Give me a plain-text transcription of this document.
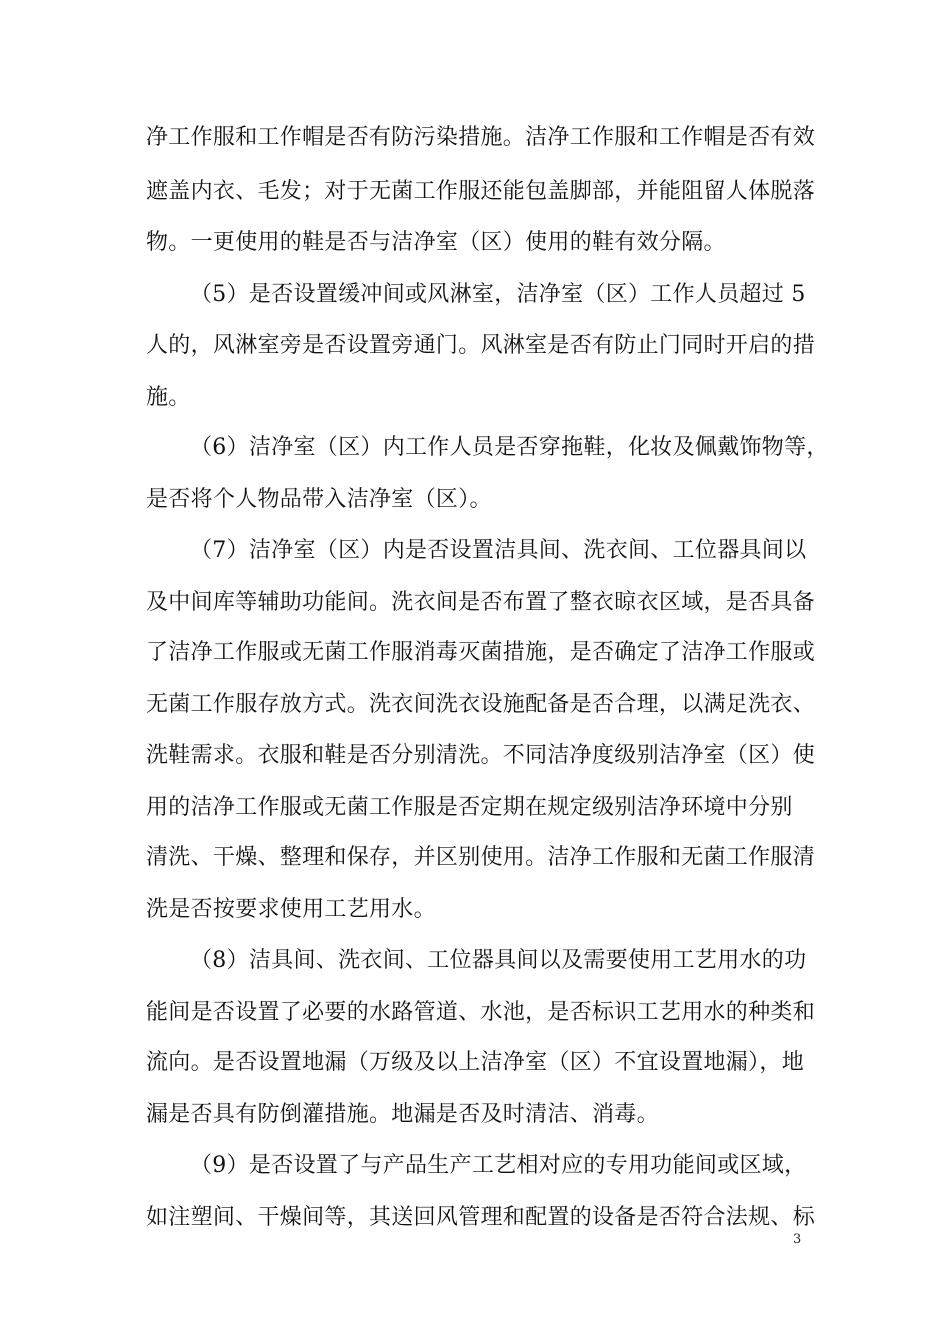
净工作服和工作帽是否有防污染措施。洁净工作服和工作帽是否有效
遮盖内衣、毛发；对于无菌工作服还能包盖脚部，并能阻留人体脱落
物。一更使用的鞋是否与洁净室（区）使用的鞋有效分隔。
（5）是否设置缓冲间或风淋室，洁净室（区）工作人员超过 5
人的，风淋室旁是否设置旁通门。风淋室是否有防止门同时开启的措
施。
（6）洁净室（区）内工作人员是否穿拖鞋，化妆及佩戴饰物等，
是否将个人物品带入洁净室（区）。
（7）洁净室（区）内是否设置洁具间、洗衣间、工位器具间以
及中间库等辅助功能间。洗衣间是否布置了整衣晾衣区域，是否具备
了洁净工作服或无菌工作服消毒灭菌措施，是否确定了洁净工作服或
无菌工作服存放方式。洗衣间洗衣设施配备是否合理，以满足洗衣、
洗鞋需求。衣服和鞋是否分别清洗。不同洁净度级别洁净室（区）使
用的洁净工作服或无菌工作服是否定期在规定级别洁净环境中分别
清洗、干燥、整理和保存，并区别使用。洁净工作服和无菌工作服清
洗是否按要求使用工艺用水。
（8）洁具间、洗衣间、工位器具间以及需要使用工艺用水的功
能间是否设置了必要的水路管道、水池，是否标识工艺用水的种类和
流向。是否设置地漏（万级及以上洁净室（区）不宜设置地漏），地
漏是否具有防倒灌措施。地漏是否及时清洁、消毒。
（9）是否设置了与产品生产工艺相对应的专用功能间或区域，
如注塑间、干燥间等，其送回风管理和配置的设备是否符合法规、标
3
